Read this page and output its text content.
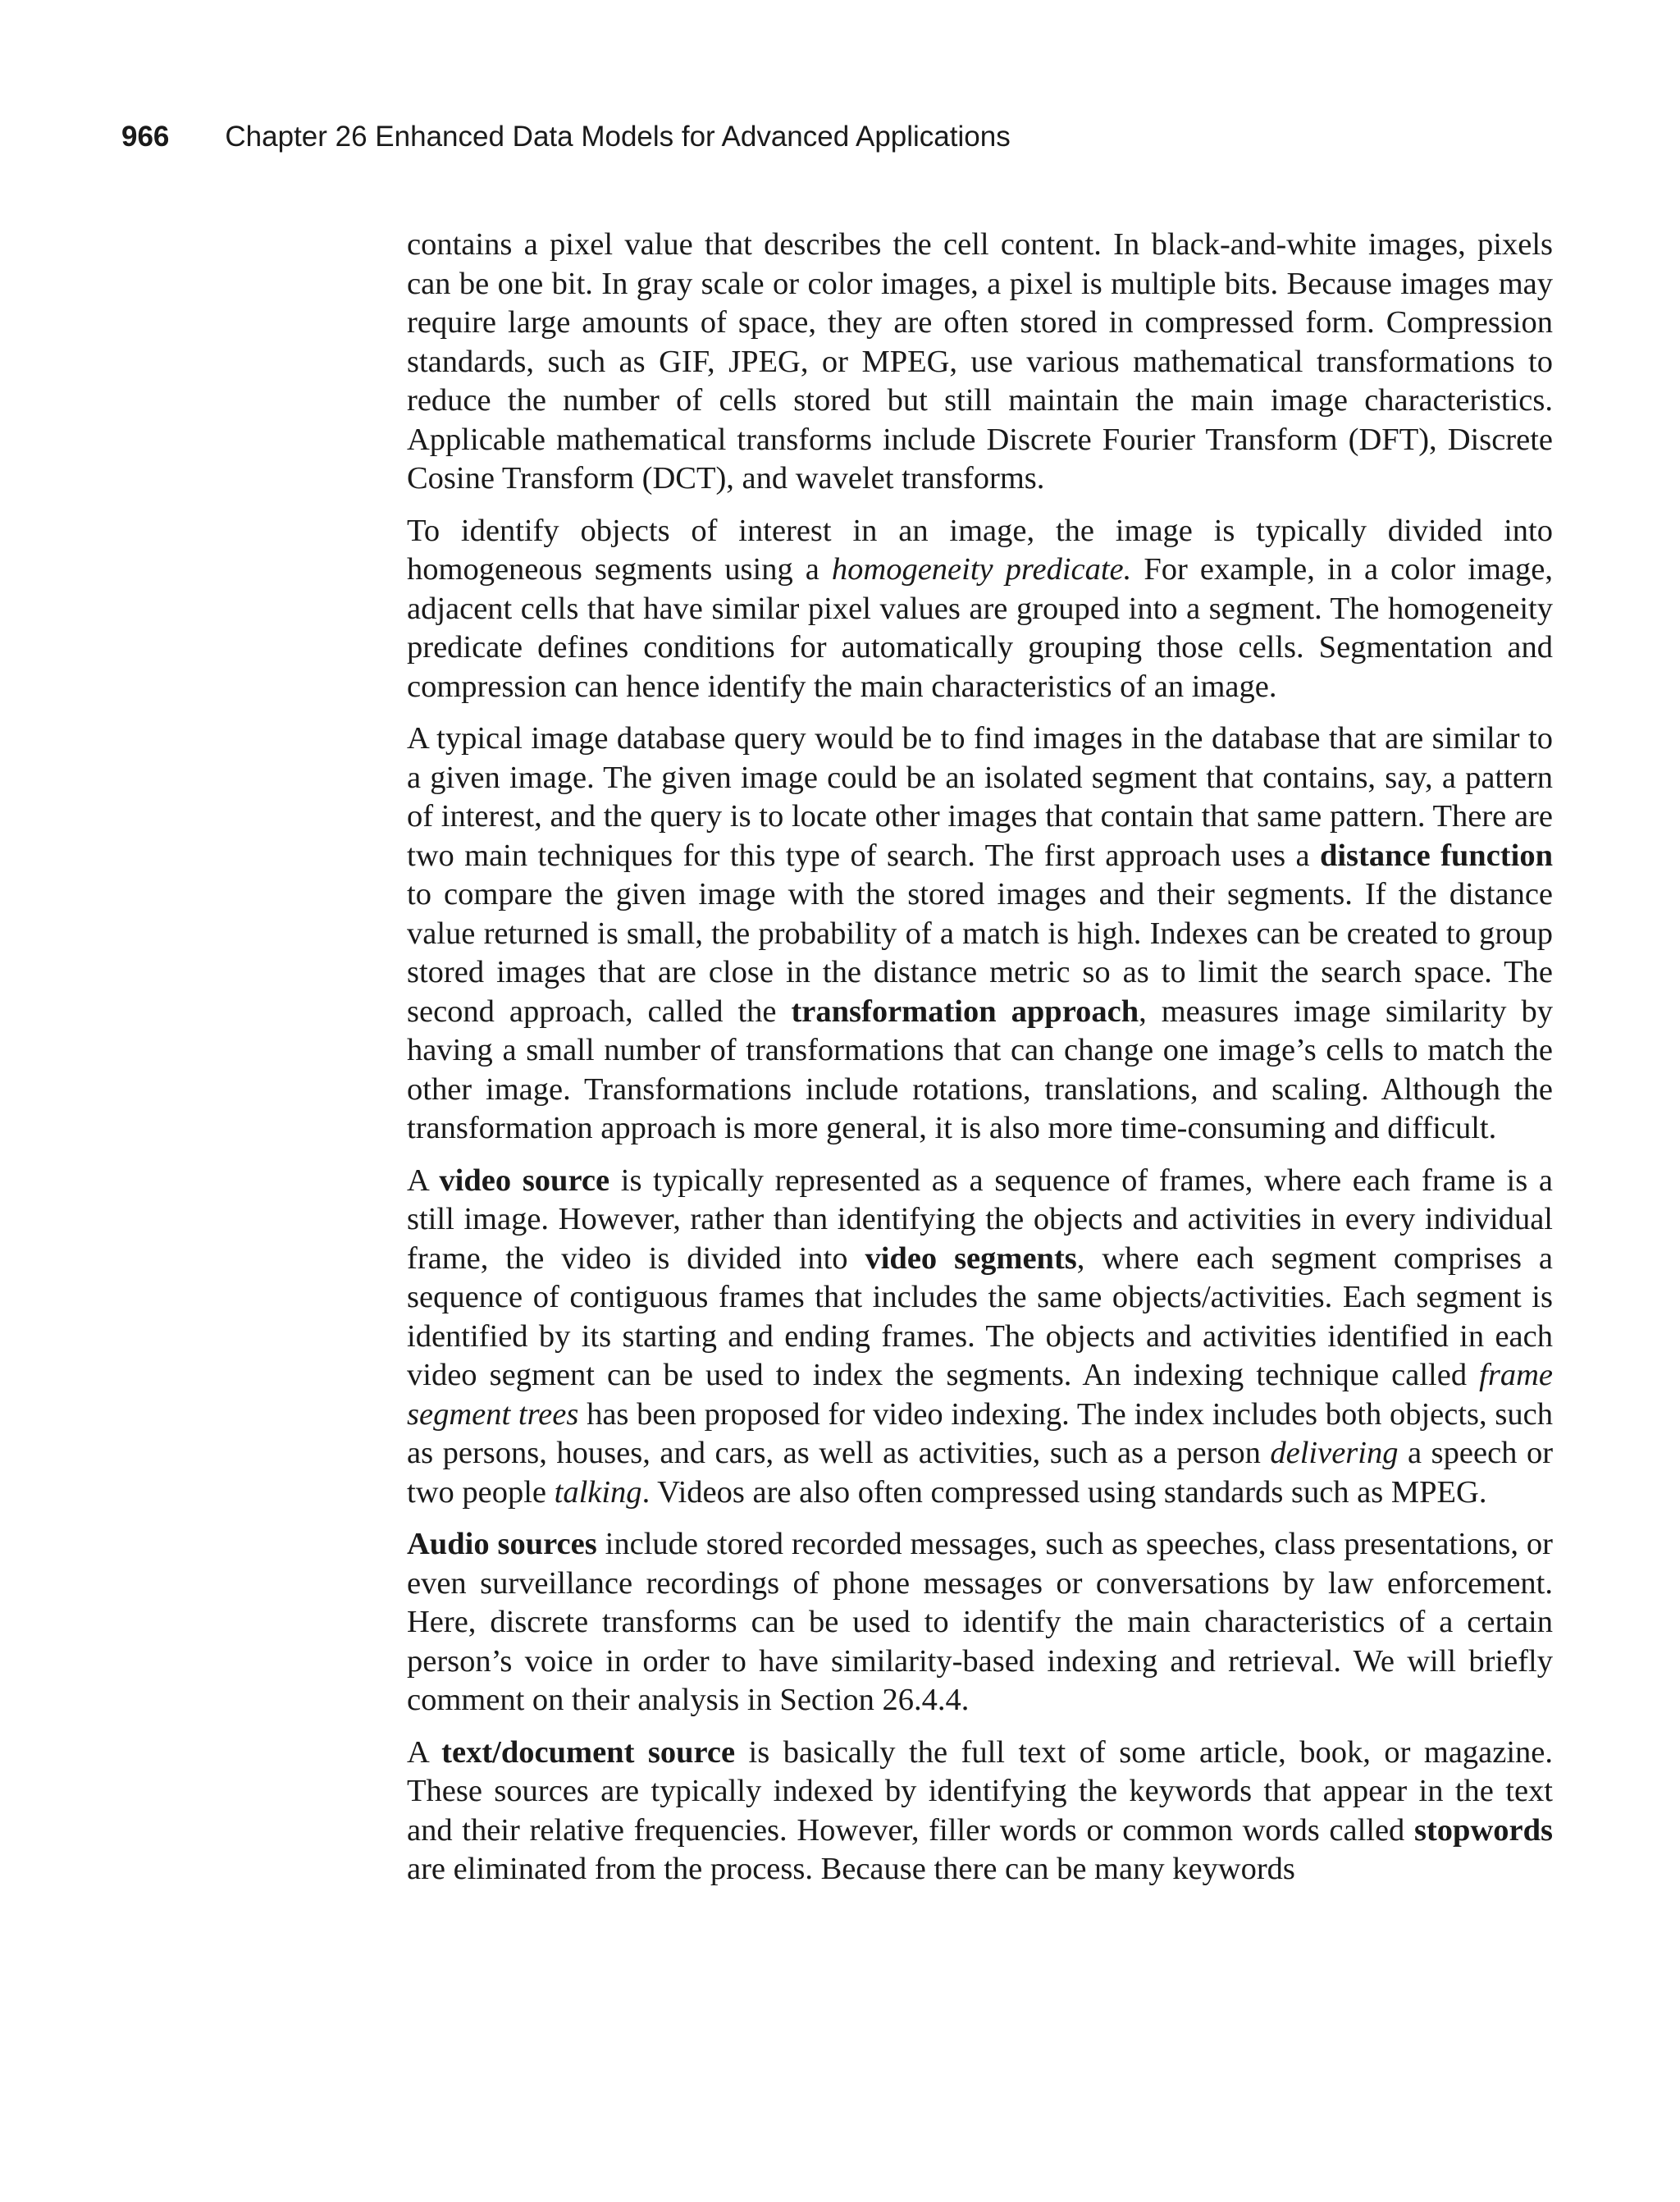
966 Chapter 26 Enhanced Data Models for Advanced Applications

contains a pixel value that describes the cell content. In black-and-white images, pixels can be one bit. In gray scale or color images, a pixel is multiple bits. Because images may require large amounts of space, they are often stored in compressed form. Compression standards, such as GIF, JPEG, or MPEG, use various mathematical transformations to reduce the number of cells stored but still maintain the main image characteristics. Applicable mathematical transforms include Discrete Fourier Transform (DFT), Discrete Cosine Transform (DCT), and wavelet transforms.

To identify objects of interest in an image, the image is typically divided into homogeneous segments using a homogeneity predicate. For example, in a color image, adjacent cells that have similar pixel values are grouped into a segment. The homogeneity predicate defines conditions for automatically grouping those cells. Segmentation and compression can hence identify the main characteristics of an image.

A typical image database query would be to find images in the database that are similar to a given image. The given image could be an isolated segment that contains, say, a pattern of interest, and the query is to locate other images that contain that same pattern. There are two main techniques for this type of search. The first approach uses a distance function to compare the given image with the stored images and their segments. If the distance value returned is small, the probability of a match is high. Indexes can be created to group stored images that are close in the distance metric so as to limit the search space. The second approach, called the transformation approach, measures image similarity by having a small number of transformations that can change one image’s cells to match the other image. Transformations include rotations, translations, and scaling. Although the transformation approach is more general, it is also more time-consuming and difficult.

A video source is typically represented as a sequence of frames, where each frame is a still image. However, rather than identifying the objects and activities in every individual frame, the video is divided into video segments, where each segment comprises a sequence of contiguous frames that includes the same objects/activities. Each segment is identified by its starting and ending frames. The objects and activities identified in each video segment can be used to index the segments. An indexing technique called frame segment trees has been proposed for video indexing. The index includes both objects, such as persons, houses, and cars, as well as activities, such as a person delivering a speech or two people talking. Videos are also often compressed using standards such as MPEG.

Audio sources include stored recorded messages, such as speeches, class presentations, or even surveillance recordings of phone messages or conversations by law enforcement. Here, discrete transforms can be used to identify the main characteristics of a certain person’s voice in order to have similarity-based indexing and retrieval. We will briefly comment on their analysis in Section 26.4.4.

A text/document source is basically the full text of some article, book, or magazine. These sources are typically indexed by identifying the keywords that appear in the text and their relative frequencies. However, filler words or common words called stopwords are eliminated from the process. Because there can be many keywords
